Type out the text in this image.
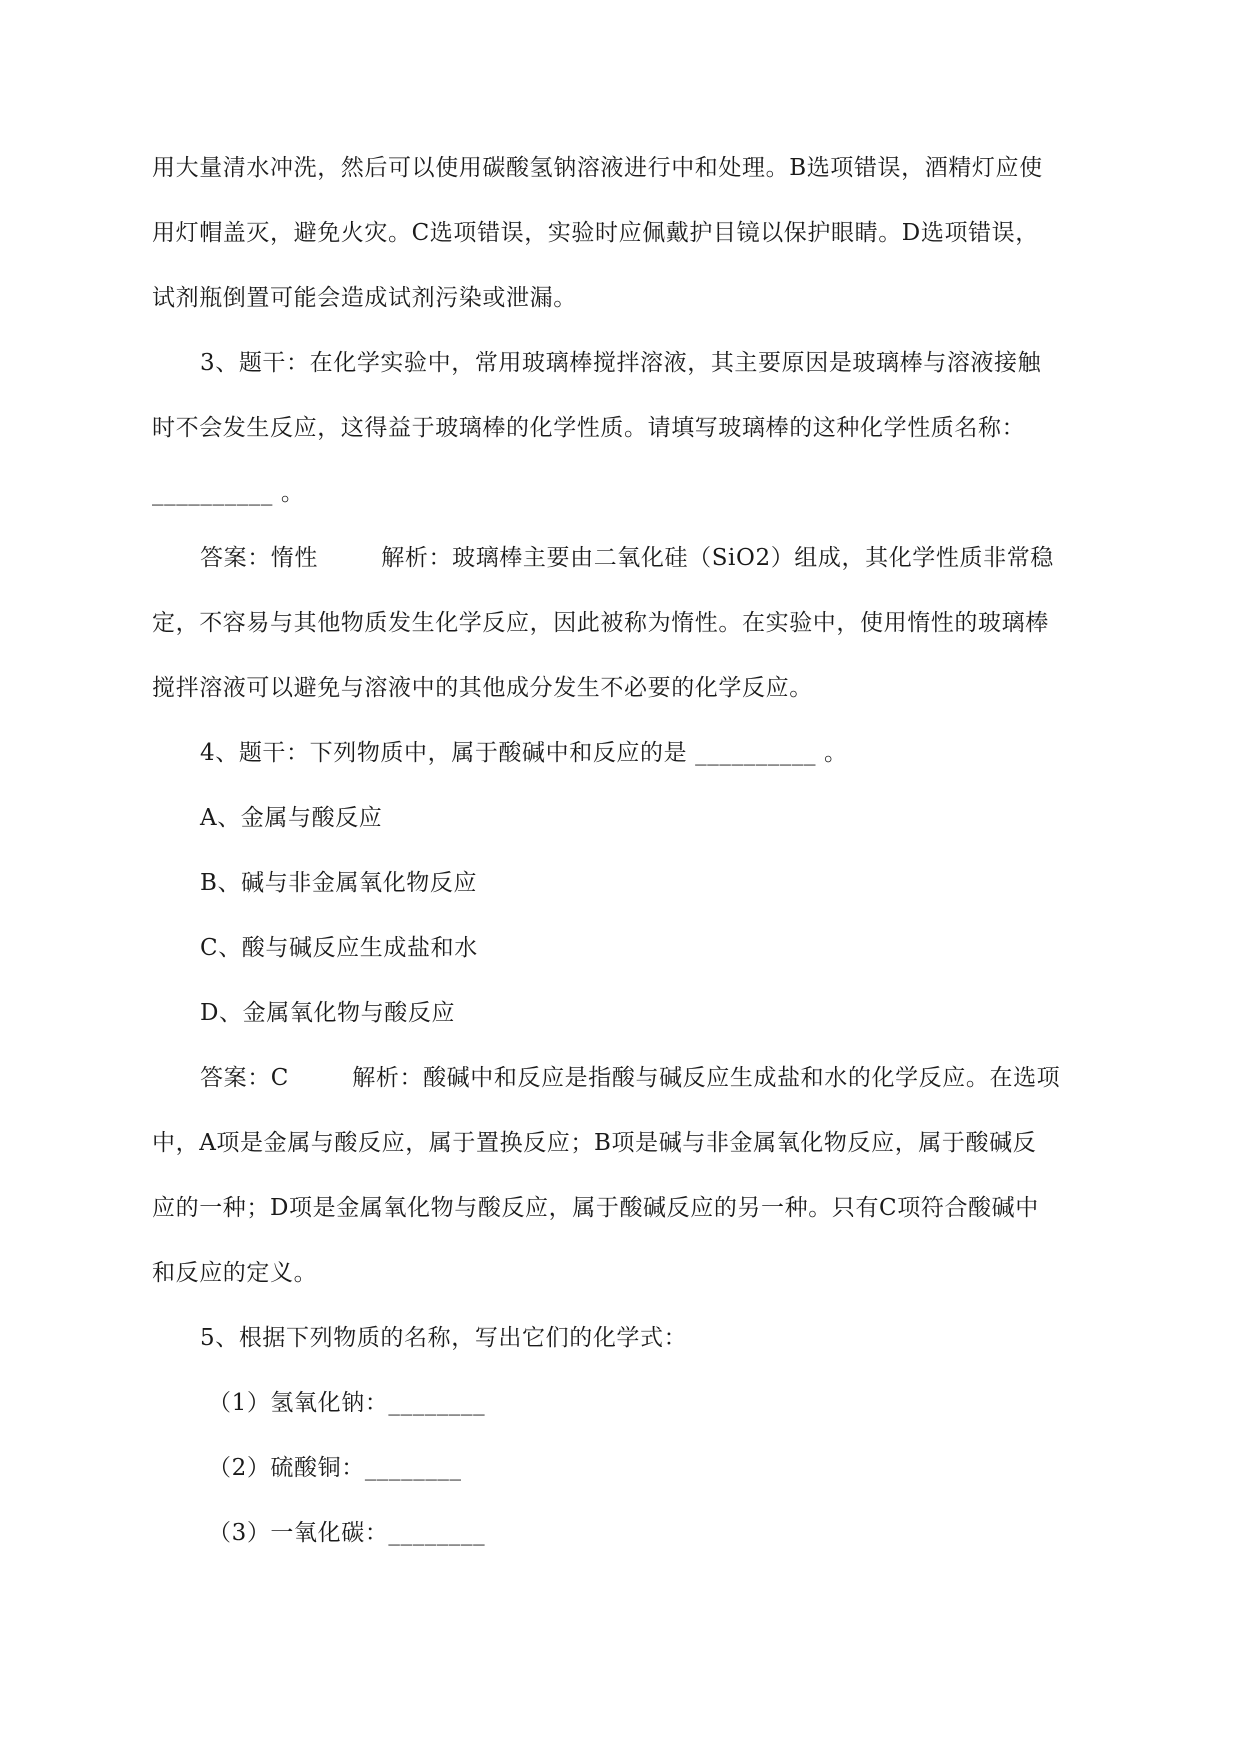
用大量清水冲洗，然后可以使用碳酸氢钠溶液进行中和处理。B选项错误，酒精灯应使
用灯帽盖灭，避免火灾。C选项错误，实验时应佩戴护目镜以保护眼睛。D选项错误，
试剂瓶倒置可能会造成试剂污染或泄漏。
3、题干：在化学实验中，常用玻璃棒搅拌溶液，其主要原因是玻璃棒与溶液接触
时不会发生反应，这得益于玻璃棒的化学性质。请填写玻璃棒的这种化学性质名称：
__________ 。
答案：惰性        解析：玻璃棒主要由二氧化硅（SiO2）组成，其化学性质非常稳
定，不容易与其他物质发生化学反应，因此被称为惰性。在实验中，使用惰性的玻璃棒
搅拌溶液可以避免与溶液中的其他成分发生不必要的化学反应。
4、题干：下列物质中，属于酸碱中和反应的是 __________ 。
A、金属与酸反应
B、碱与非金属氧化物反应
C、酸与碱反应生成盐和水
D、金属氧化物与酸反应
答案：C        解析：酸碱中和反应是指酸与碱反应生成盐和水的化学反应。在选项
中，A项是金属与酸反应，属于置换反应；B项是碱与非金属氧化物反应，属于酸碱反
应的一种；D项是金属氧化物与酸反应，属于酸碱反应的另一种。只有C项符合酸碱中
和反应的定义。
5、根据下列物质的名称，写出它们的化学式：
（1）氢氧化钠：________
（2）硫酸铜：________
（3）一氧化碳：________
